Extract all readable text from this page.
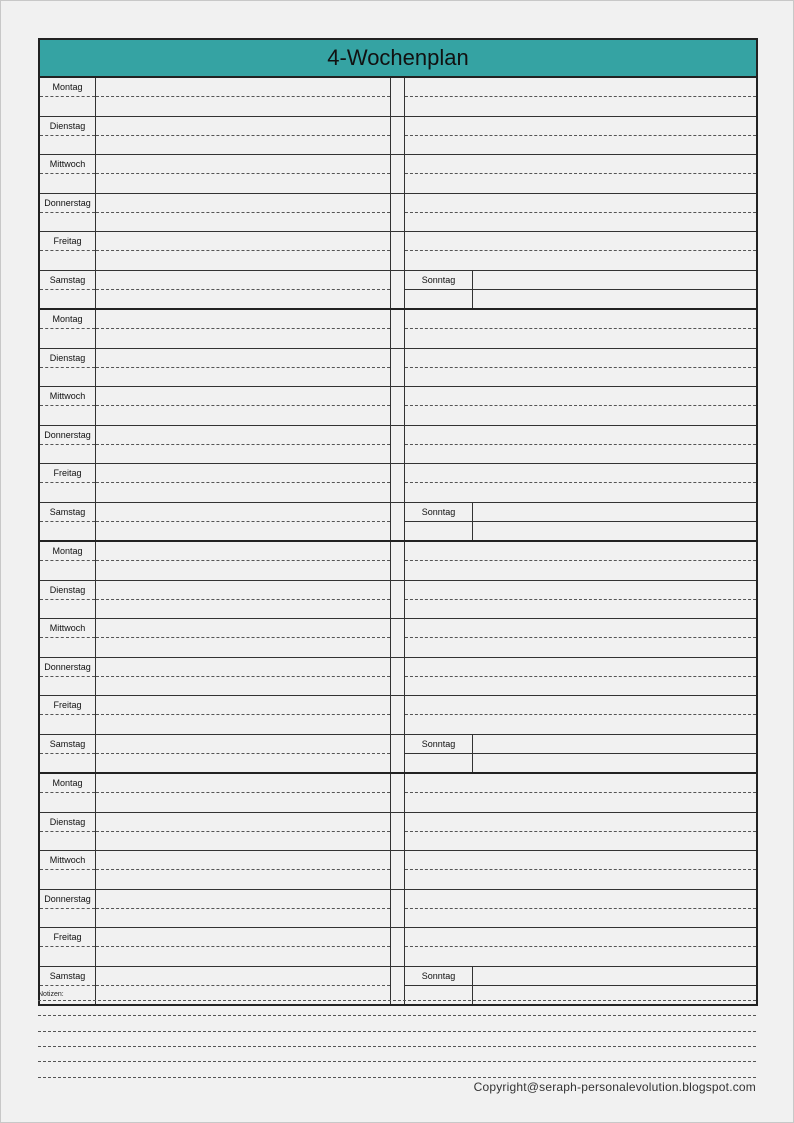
4-Wochenplan
Montag
Dienstag
Mittwoch
Donnerstag
Freitag
Samstag	Sonntag
Montag
Dienstag
Mittwoch
Donnerstag
Freitag
Samstag	Sonntag
Montag
Dienstag
Mittwoch
Donnerstag
Freitag
Samstag	Sonntag
Montag
Dienstag
Mittwoch
Donnerstag
Freitag
Samstag	Sonntag
Notizen:
Copyright@seraph-personalevolution.blogspot.com
